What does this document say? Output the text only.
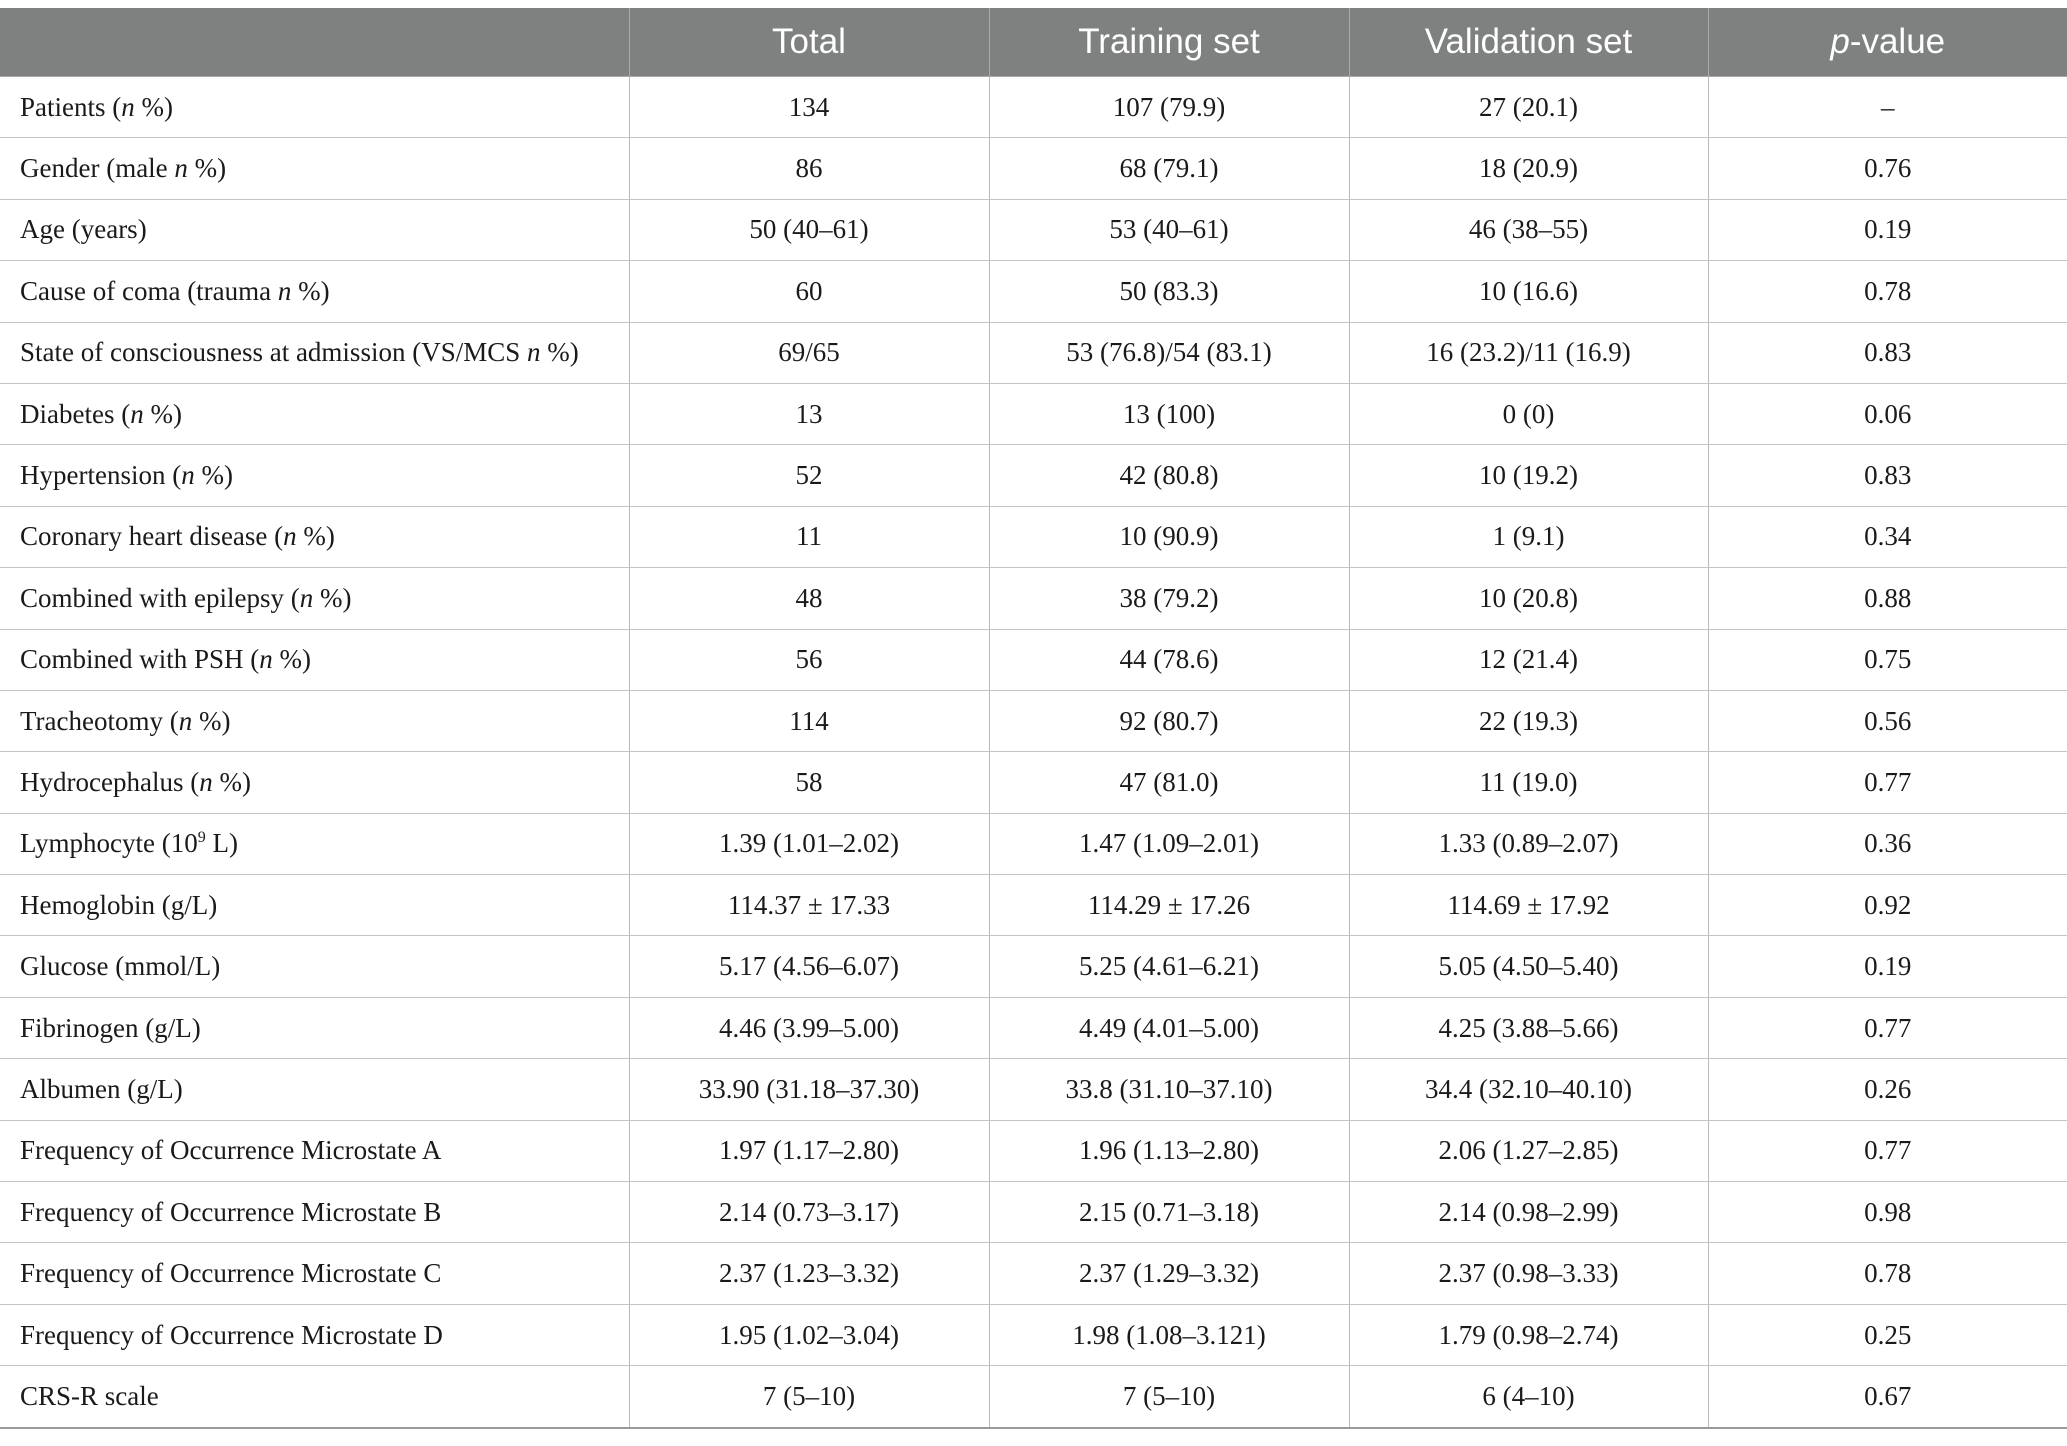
	Total	Training set	Validation set	p-value
Patients (n %)	134	107 (79.9)	27 (20.1)	–
Gender (male n %)	86	68 (79.1)	18 (20.9)	0.76
Age (years)	50 (40–61)	53 (40–61)	46 (38–55)	0.19
Cause of coma (trauma n %)	60	50 (83.3)	10 (16.6)	0.78
State of consciousness at admission (VS/MCS n %)	69/65	53 (76.8)/54 (83.1)	16 (23.2)/11 (16.9)	0.83
Diabetes (n %)	13	13 (100)	0 (0)	0.06
Hypertension (n %)	52	42 (80.8)	10 (19.2)	0.83
Coronary heart disease (n %)	11	10 (90.9)	1 (9.1)	0.34
Combined with epilepsy (n %)	48	38 (79.2)	10 (20.8)	0.88
Combined with PSH (n %)	56	44 (78.6)	12 (21.4)	0.75
Tracheotomy (n %)	114	92 (80.7)	22 (19.3)	0.56
Hydrocephalus (n %)	58	47 (81.0)	11 (19.0)	0.77
Lymphocyte ($10^9$ L)	1.39 (1.01–2.02)	1.47 (1.09–2.01)	1.33 (0.89–2.07)	0.36
Hemoglobin (g/L)	114.37 ± 17.33	114.29 ± 17.26	114.69 ± 17.92	0.92
Glucose (mmol/L)	5.17 (4.56–6.07)	5.25 (4.61–6.21)	5.05 (4.50–5.40)	0.19
Fibrinogen (g/L)	4.46 (3.99–5.00)	4.49 (4.01–5.00)	4.25 (3.88–5.66)	0.77
Albumen (g/L)	33.90 (31.18–37.30)	33.8 (31.10–37.10)	34.4 (32.10–40.10)	0.26
Frequency of Occurrence Microstate A	1.97 (1.17–2.80)	1.96 (1.13–2.80)	2.06 (1.27–2.85)	0.77
Frequency of Occurrence Microstate B	2.14 (0.73–3.17)	2.15 (0.71–3.18)	2.14 (0.98–2.99)	0.98
Frequency of Occurrence Microstate C	2.37 (1.23–3.32)	2.37 (1.29–3.32)	2.37 (0.98–3.33)	0.78
Frequency of Occurrence Microstate D	1.95 (1.02–3.04)	1.98 (1.08–3.121)	1.79 (0.98–2.74)	0.25
CRS-R scale	7 (5–10)	7 (5–10)	6 (4–10)	0.67
